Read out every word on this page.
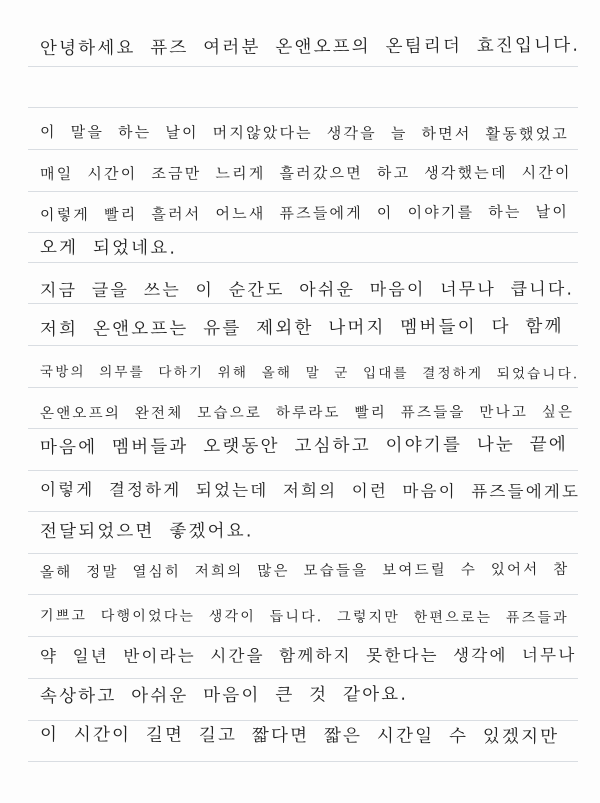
안녕하세요 퓨즈 여러분 온앤오프의 온팀리더 효진입니다.
이 말을 하는 날이 머지않았다는 생각을 늘 하면서 활동했었고
매일 시간이 조금만 느리게 흘러갔으면 하고 생각했는데 시간이
이렇게 빨리 흘러서 어느새 퓨즈들에게 이 이야기를 하는 날이
오게 되었네요.
지금 글을 쓰는 이 순간도 아쉬운 마음이 너무나 큽니다.
저희 온앤오프는 유를 제외한 나머지 멤버들이 다 함께
국방의 의무를 다하기 위해 올해 말 군 입대를 결정하게 되었습니다.
온앤오프의 완전체 모습으로 하루라도 빨리 퓨즈들을 만나고 싶은
마음에 멤버들과 오랫동안 고심하고 이야기를 나눈 끝에
이렇게 결정하게 되었는데 저희의 이런 마음이 퓨즈들에게도
전달되었으면 좋겠어요.
올해 정말 열심히 저희의 많은 모습들을 보여드릴 수 있어서 참
기쁘고 다행이었다는 생각이 듭니다. 그렇지만 한편으로는 퓨즈들과
약 일년 반이라는 시간을 함께하지 못한다는 생각에 너무나
속상하고 아쉬운 마음이 큰 것 같아요.
이 시간이 길면 길고 짧다면 짧은 시간일 수 있겠지만
